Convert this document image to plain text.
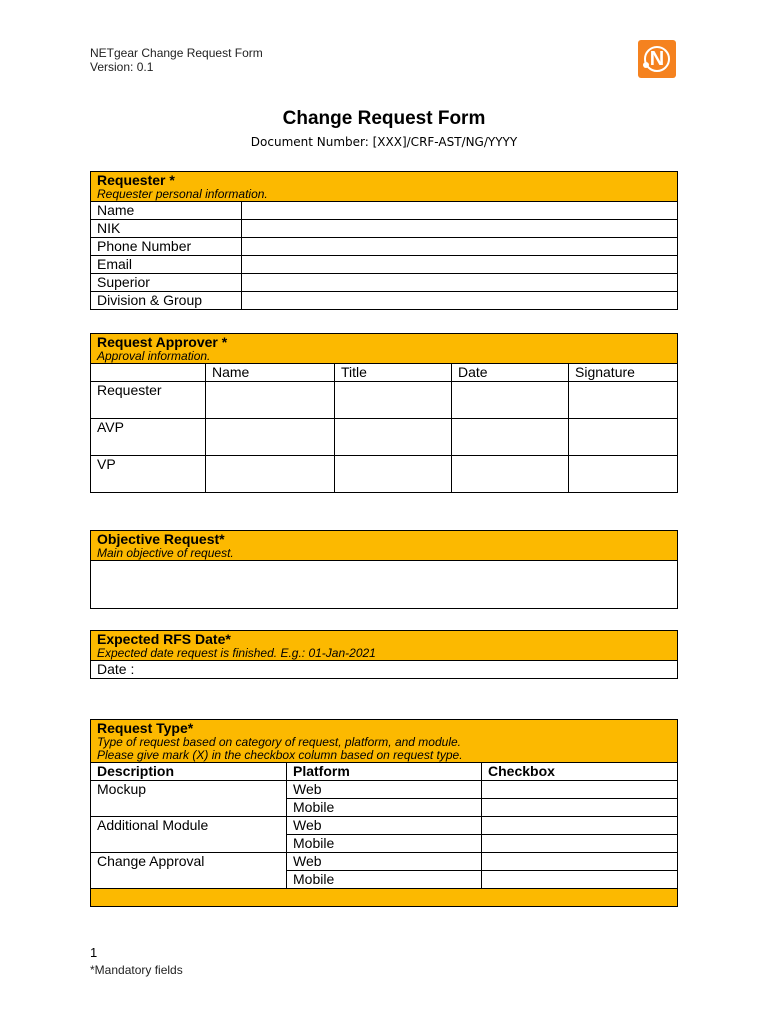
NETgear Change Request Form
Version: 0.1	N
Change Request Form
Document Number: [XXX]/CRF-AST/NG/YYYY
Requester *
Requester personal information.	

Name	
NIK	
Phone Number	
Email	
Superior	
Division & Group	
Request Approver *
Approval information.				

	Name	Title	Date	Signature
Requester				
AVP				
VP				
Objective Request*
Main objective of request.

Expected RFS Date*
Expected date request is finished. E.g.: 01-Jan-2021

Date :
Request Type*
Type of request based on category of request, platform, and module.
Please give mark (X) in the checkbox column based on request type.		

Description	Platform	Checkbox
Mockup	Web	
	Mobile	
Additional Module	Web	
	Mobile	
Change Approval	Web	
	Mobile	

1
*Mandatory fields
